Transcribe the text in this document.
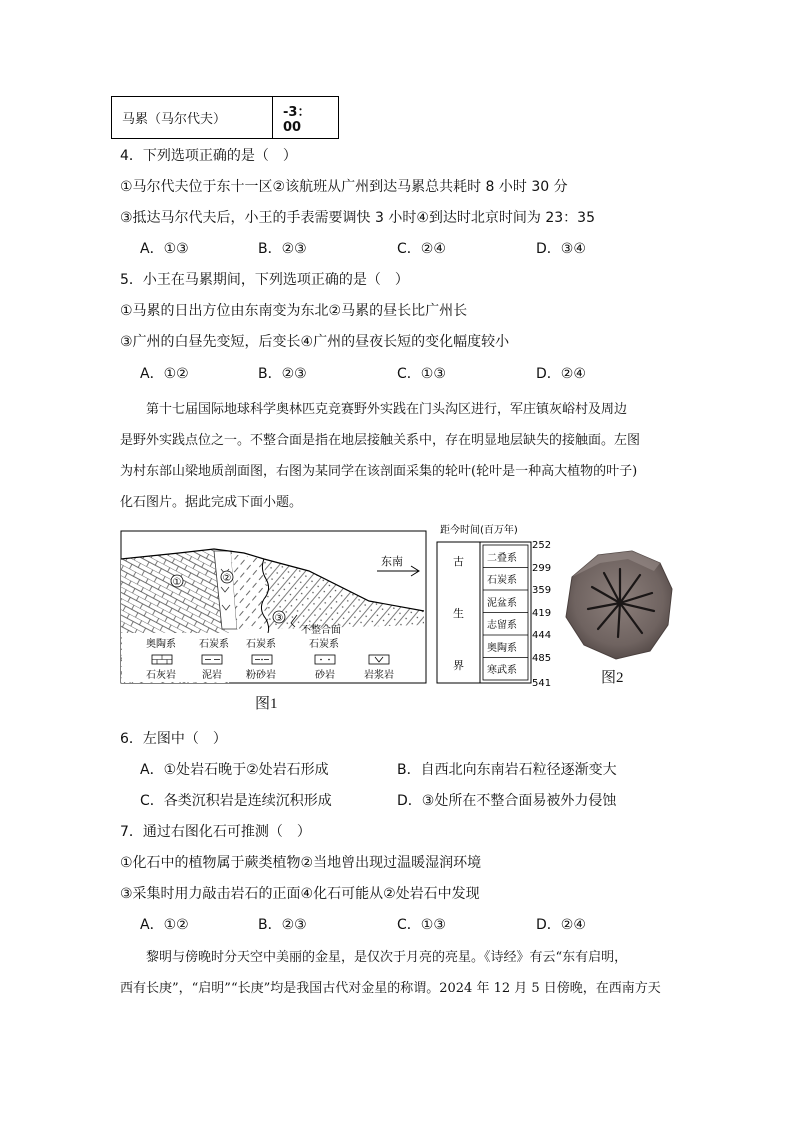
马累（马尔代夫）	-3：00
4．下列选项正确的是（　）
①马尔代夫位于东十一区②该航班从广州到达马累总共耗时 8 小时 30 分
③抵达马尔代夫后，小王的手表需要调快 3 小时④到达时北京时间为 23：35
A．①③	B．②③	C．②④	D．③④
5．小王在马累期间，下列选项正确的是（　）
①马累的日出方位由东南变为东北②马累的昼长比广州长
③广州的白昼先变短，后变长④广州的昼夜长短的变化幅度较小
A．①②	B．②③	C．①③	D．②④
　　第十七届国际地球科学奥林匹克竞赛野外实践在门头沟区进行，军庄镇灰峪村及周边
是野外实践点位之一。不整合面是指在地层接触关系中，存在明显地层缺失的接触面。左图
为村东部山梁地质剖面图，右图为某同学在该剖面采集的轮叶(轮叶是一种高大植物的叶子)
化石图片。据此完成下面小题。
①	②
③
东南
不整合面
奥陶系 石炭系 石炭系	石炭系
石灰岩	泥岩 粉砂岩	砂岩	岩浆岩
图1
距今时间(百万年)
古
生
界
二叠系
石炭系
泥盆系
志留系
奥陶系
寒武系
252
299
359
419
444
485
541	图2
6．左图中（　）
A．①处岩石晚于②处岩石形成	B．自西北向东南岩石粒径逐渐变大
C．各类沉积岩是连续沉积形成	D．③处所在不整合面易被外力侵蚀
7．通过右图化石可推测（　）
①化石中的植物属于蕨类植物②当地曾出现过温暖湿润环境
③采集时用力敲击岩石的正面④化石可能从②处岩石中发现
A．①②	B．②③	C．①③	D．②④
　　黎明与傍晚时分天空中美丽的金星，是仅次于月亮的亮星。《诗经》有云“东有启明，
西有长庚”，“启明”“长庚”均是我国古代对金星的称谓。2024 年 12 月 5 日傍晚，在西南方天
